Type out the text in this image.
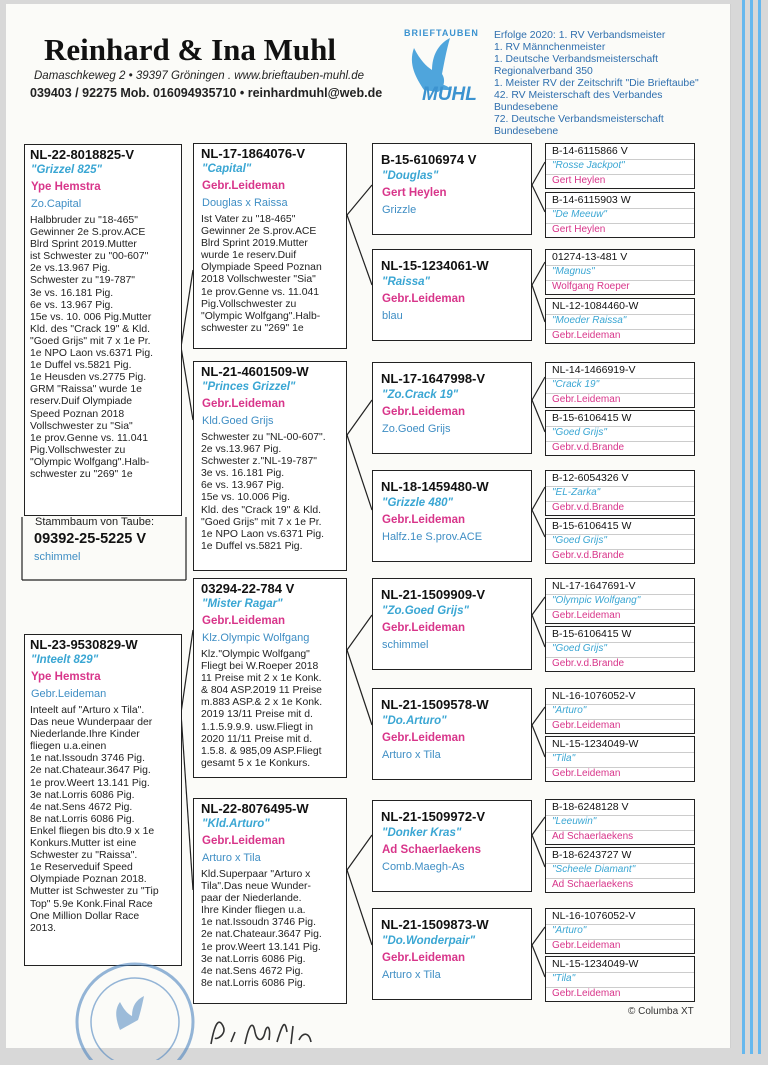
Reinhard & Ina Muhl
Damaschkeweg 2 • 39397 Gröningen . www.brieftauben-muhl.de
039403 / 92275 Mob. 016094935710 • reinhardmuhl@web.de
BRIEFTAUBEN
MUHL
Erfolge 2020: 1. RV Verbandsmeister
1. RV Männchenmeister
1. Deutsche Verbandsmeisterschaft
Regionalverband 350
1. Meister RV der Zeitschrift "Die Brieftaube"
42. RV Meisterschaft des Verbandes
Bundesebene
72. Deutsche Verbandsmeisterschaft
Bundesebene
NL-22-8018825-V
"Grizzel 825"
Ype Hemstra
Zo.Capital
Halbbruder zu "18-465"
Gewinner 2e S.prov.ACE
Blrd Sprint 2019.Mutter
ist Schwester zu "00-607"
2e vs.13.967 Pig.
Schwester zu "19-787"
3e vs. 16.181 Pig.
6e vs. 13.967 Pig.
15e vs. 10. 006 Pig.Mutter
Kld. des "Crack 19" & Kld.
"Goed Grijs" mit 7 x 1e Pr.
1e NPO Laon vs.6371 Pig.
1e Duffel vs.5821 Pig.
1e Heusden vs.2775 Pig.
GRM "Raissa" wurde 1e
reserv.Duif Olympiade
Speed Poznan 2018
Vollschwester zu "Sia"
1e prov.Genne vs. 11.041
Pig.Vollschwester zu
"Olympic Wolfgang".Halb-
schwester zu "269" 1e
Stammbaum von Taube:
09392-25-5225 V
schimmel
NL-23-9530829-W
"Inteelt 829"
Ype Hemstra
Gebr.Leideman
Inteelt auf "Arturo x Tila".
Das neue Wunderpaar der
Niederlande.Ihre Kinder
fliegen u.a.einen
1e nat.Issoudn 3746 Pig.
2e nat.Chateaur.3647 Pig.
1e prov.Weert 13.141 Pig.
3e nat.Lorris 6086 Pig.
4e nat.Sens 4672 Pig.
8e nat.Lorris 6086 Pig.
Enkel fliegen bis dto.9 x 1e
Konkurs.Mutter ist eine
Schwester zu "Raissa".
1e Reserveduif Speed
Olympiade Poznan 2018.
Mutter ist Schwester zu "Tip
Top" 5.9e Konk.Final Race
One Million Dollar Race
2013.
NL-17-1864076-V
"Capital"
Gebr.Leideman
Douglas x Raissa
Ist Vater zu "18-465"
Gewinner 2e S.prov.ACE
Blrd Sprint 2019.Mutter
wurde 1e reserv.Duif
Olympiade Speed Poznan
2018 Vollschwester "Sia"
1e prov.Genne vs. 11.041
Pig.Vollschwester zu
"Olympic Wolfgang".Halb-
schwester zu "269" 1e
NL-21-4601509-W
"Princes Grizzel"
Gebr.Leideman
Kld.Goed Grijs
Schwester zu "NL-00-607".
2e vs.13.967 Pig.
Schwester z."NL-19-787"
3e vs. 16.181 Pig.
6e vs. 13.967 Pig.
15e vs. 10.006 Pig.
Kld. des "Crack 19" & Kld.
"Goed Grijs" mit 7 x 1e Pr.
1e NPO Laon vs.6371 Pig.
1e Duffel vs.5821 Pig.
03294-22-784 V
"Mister Ragar"
Gebr.Leideman
Klz.Olympic Wolfgang
Klz."Olympic Wolfgang"
Fliegt bei W.Roeper 2018
11 Preise mit 2 x 1e Konk.
& 804 ASP.2019 11 Preise
m.883 ASP.& 2 x 1e Konk.
2019 13/11 Preise mit d.
1.1.5.9.9.9. usw.Fliegt in
2020 11/11 Preise mit d.
1.5.8. & 985,09 ASP.Fliegt
gesamt 5 x 1e Konkurs.
NL-22-8076495-W
"Kld.Arturo"
Gebr.Leideman
Arturo x Tila
Kld.Superpaar "Arturo x
Tila".Das neue Wunder-
paar der Niederlande.
Ihre Kinder fliegen u.a.
1e nat.Issoudn 3746 Pig.
2e nat.Chateaur.3647 Pig.
1e prov.Weert 13.141 Pig.
3e nat.Lorris 6086 Pig.
4e nat.Sens 4672 Pig.
8e nat.Lorris 6086 Pig.
B-15-6106974 V
"Douglas"
Gert Heylen
Grizzle
NL-15-1234061-W
"Raissa"
Gebr.Leideman
blau
NL-17-1647998-V
"Zo.Crack 19"
Gebr.Leideman
Zo.Goed Grijs
NL-18-1459480-W
"Grizzle 480"
Gebr.Leideman
Halfz.1e S.prov.ACE
NL-21-1509909-V
"Zo.Goed Grijs"
Gebr.Leideman
schimmel
NL-21-1509578-W
"Do.Arturo"
Gebr.Leideman
Arturo x Tila
NL-21-1509972-V
"Donker Kras"
Ad Schaerlaekens
Comb.Maegh-As
NL-21-1509873-W
"Do.Wonderpair"
Gebr.Leideman
Arturo x Tila
B-14-6115866 V
"Rosse Jackpot"
Gert Heylen
B-14-6115903 W
"De Meeuw"
Gert Heylen
01274-13-481 V
"Magnus"
Wolfgang Roeper
NL-12-1084460-W
"Moeder Raissa"
Gebr.Leideman
NL-14-1466919-V
"Crack 19"
Gebr.Leideman
B-15-6106415 W
"Goed Grijs"
Gebr.v.d.Brande
B-12-6054326 V
"EL-Zarka"
Gebr.v.d.Brande
B-15-6106415 W
"Goed Grijs"
Gebr.v.d.Brande
NL-17-1647691-V
"Olympic Wolfgang"
Gebr.Leideman
B-15-6106415 W
"Goed Grijs"
Gebr.v.d.Brande
NL-16-1076052-V
"Arturo"
Gebr.Leideman
NL-15-1234049-W
"Tila"
Gebr.Leideman
B-18-6248128 V
"Leeuwin"
Ad Schaerlaekens
B-18-6243727 W
"Scheele Diamant"
Ad Schaerlaekens
NL-16-1076052-V
"Arturo"
Gebr.Leideman
NL-15-1234049-W
"Tila"
Gebr.Leideman
© Columba XT
